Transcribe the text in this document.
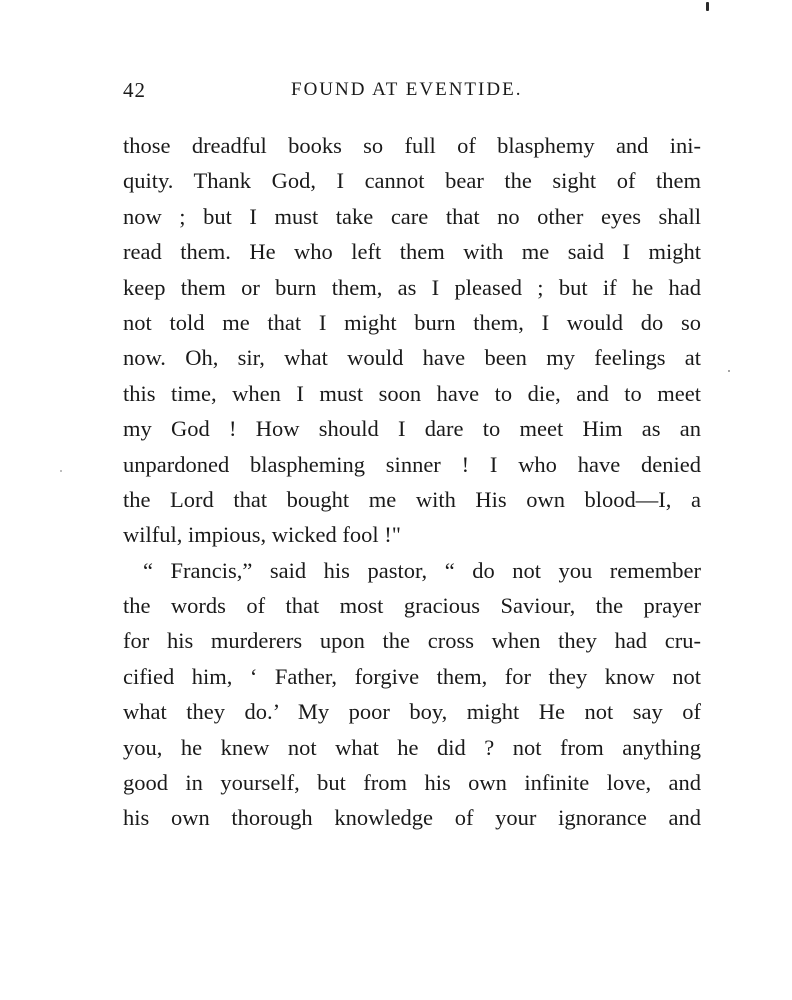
42	FOUND AT EVENTIDE.
those dreadful books so full of blasphemy and ini-
quity. Thank God, I cannot bear the sight of them
now ; but I must take care that no other eyes shall
read them. He who left them with me said I might
keep them or burn them, as I pleased ; but if he had
not told me that I might burn them, I would do so
now. Oh, sir, what would have been my feelings at
this time, when I must soon have to die, and to meet
my God ! How should I dare to meet Him as an
unpardoned blaspheming sinner ! I who have denied
the Lord that bought me with His own blood—I, a
wilful, impious, wicked fool !"
“ Francis,” said his pastor, “ do not you remember
the words of that most gracious Saviour, the prayer
for his murderers upon the cross when they had cru-
cified him, ‘ Father, forgive them, for they know not
what they do.’ My poor boy, might He not say of
you, he knew not what he did ? not from anything
good in yourself, but from his own infinite love, and
his own thorough knowledge of your ignorance and
